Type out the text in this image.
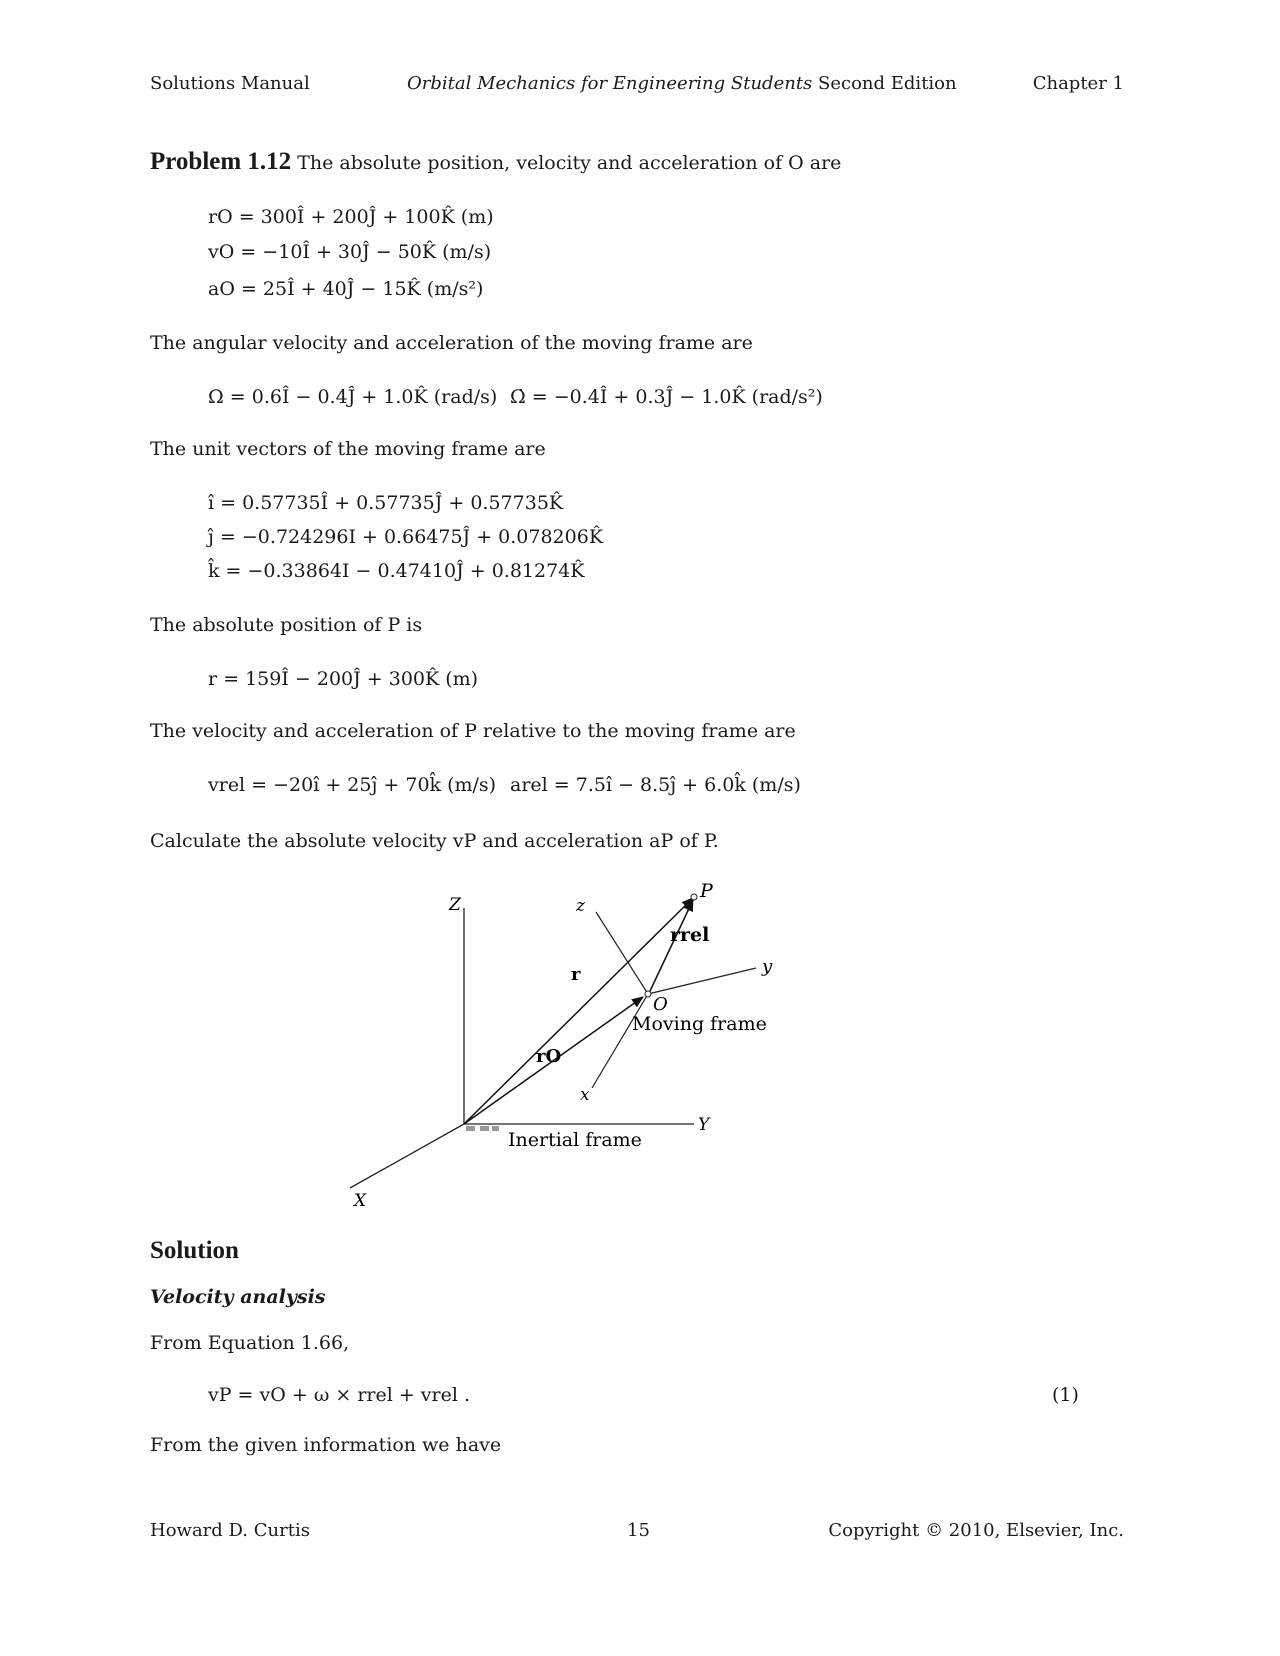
Solutions Manual	Orbital Mechanics for Engineering Students Second Edition	Chapter 1
Problem 1.12 The absolute position, velocity and acceleration of O are
rO = 300Î + 200Ĵ + 100K̂ (m)
vO = −10Î + 30Ĵ − 50K̂ (m/s)
aO = 25Î + 40Ĵ − 15K̂ (m/s²)
The angular velocity and acceleration of the moving frame are
Ω = 0.6Î − 0.4Ĵ + 1.0K̂ (rad/s) Ω̇ = −0.4Î + 0.3Ĵ − 1.0K̂ (rad/s²)
The unit vectors of the moving frame are
î = 0.57735Î + 0.57735Ĵ + 0.57735K̂
ĵ = −0.724296I + 0.66475Ĵ + 0.078206K̂
k̂ = −0.33864I − 0.47410Ĵ + 0.81274K̂
The absolute position of P is
r = 159Î − 200Ĵ + 300K̂ (m)
The velocity and acceleration of P relative to the moving frame are
vrel = −20î + 25ĵ + 70k̂ (m/s) arel = 7.5î − 8.5ĵ + 6.0k̂ (m/s)
Calculate the absolute velocity vP and acceleration aP of P.
P
Z	z
rrel
y
r
O
Moving frame
rO
x
Y
Inertial frame
X
Solution
Velocity analysis
From Equation 1.66,
vP = vO + ω × rrel + vrel .	(1)
From the given information we have
Howard D. Curtis	15	Copyright © 2010, Elsevier, Inc.
